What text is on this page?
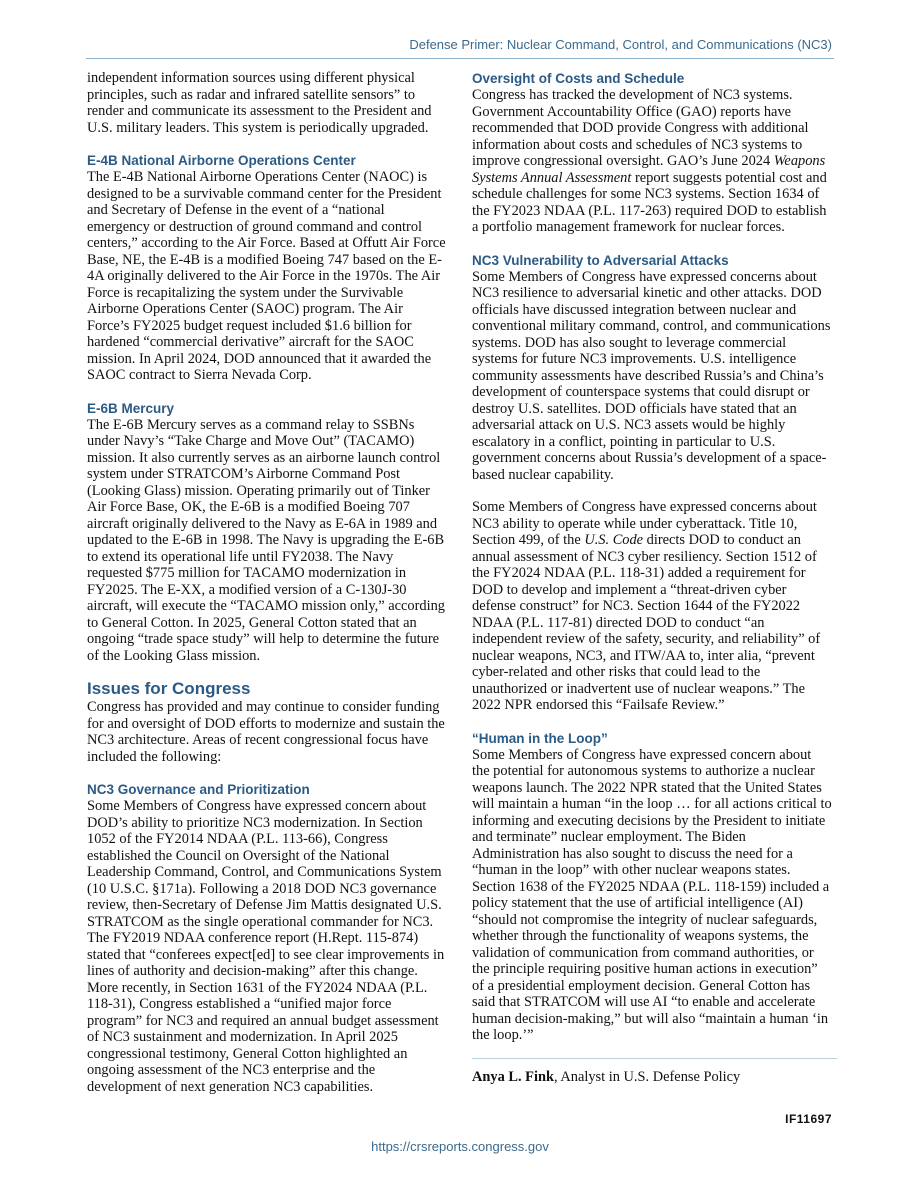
Defense Primer: Nuclear Command, Control, and Communications (NC3)

independent information sources using different physical principles, such as radar and infrared satellite sensors” to render and communicate its assessment to the President and U.S. military leaders. This system is periodically upgraded.

E-4B National Airborne Operations Center

The E-4B National Airborne Operations Center (NAOC) is designed to be a survivable command center for the President and Secretary of Defense in the event of a “national emergency or destruction of ground command and control centers,” according to the Air Force. Based at Offutt Air Force Base, NE, the E-4B is a modified Boeing 747 based on the E-4A originally delivered to the Air Force in the 1970s. The Air Force is recapitalizing the system under the Survivable Airborne Operations Center (SAOC) program. The Air Force’s FY2025 budget request included $1.6 billion for hardened “commercial derivative” aircraft for the SAOC mission. In April 2024, DOD announced that it awarded the SAOC contract to Sierra Nevada Corp.

E-6B Mercury

The E-6B Mercury serves as a command relay to SSBNs under Navy’s “Take Charge and Move Out” (TACAMO) mission. It also currently serves as an airborne launch control system under STRATCOM’s Airborne Command Post (Looking Glass) mission. Operating primarily out of Tinker Air Force Base, OK, the E-6B is a modified Boeing 707 aircraft originally delivered to the Navy as E-6A in 1989 and updated to the E-6B in 1998. The Navy is upgrading the E-6B to extend its operational life until FY2038. The Navy requested $775 million for TACAMO modernization in FY2025. The E-XX, a modified version of a C-130J-30 aircraft, will execute the “TACAMO mission only,” according to General Cotton. In 2025, General Cotton stated that an ongoing “trade space study” will help to determine the future of the Looking Glass mission.

Issues for Congress

Congress has provided and may continue to consider funding for and oversight of DOD efforts to modernize and sustain the NC3 architecture. Areas of recent congressional focus have included the following:

NC3 Governance and Prioritization

Some Members of Congress have expressed concern about DOD’s ability to prioritize NC3 modernization. In Section 1052 of the FY2014 NDAA (P.L. 113-66), Congress established the Council on Oversight of the National Leadership Command, Control, and Communications System (10 U.S.C. §171a). Following a 2018 DOD NC3 governance review, then-Secretary of Defense Jim Mattis designated U.S. STRATCOM as the single operational commander for NC3. The FY2019 NDAA conference report (H.Rept. 115-874) stated that “conferees expect[ed] to see clear improvements in lines of authority and decision-making” after this change. More recently, in Section 1631 of the FY2024 NDAA (P.L. 118-31), Congress established a “unified major force program” for NC3 and required an annual budget assessment of NC3 sustainment and modernization. In April 2025 congressional testimony, General Cotton highlighted an ongoing assessment of the NC3 enterprise and the development of next generation NC3 capabilities.

Oversight of Costs and Schedule

Congress has tracked the development of NC3 systems. Government Accountability Office (GAO) reports have recommended that DOD provide Congress with additional information about costs and schedules of NC3 systems to improve congressional oversight. GAO’s June 2024 Weapons Systems Annual Assessment report suggests potential cost and schedule challenges for some NC3 systems. Section 1634 of the FY2023 NDAA (P.L. 117-263) required DOD to establish a portfolio management framework for nuclear forces.

NC3 Vulnerability to Adversarial Attacks

Some Members of Congress have expressed concerns about NC3 resilience to adversarial kinetic and other attacks. DOD officials have discussed integration between nuclear and conventional military command, control, and communications systems. DOD has also sought to leverage commercial systems for future NC3 improvements. U.S. intelligence community assessments have described Russia’s and China’s development of counterspace systems that could disrupt or destroy U.S. satellites. DOD officials have stated that an adversarial attack on U.S. NC3 assets would be highly escalatory in a conflict, pointing in particular to U.S. government concerns about Russia’s development of a space-based nuclear capability.

Some Members of Congress have expressed concerns about NC3 ability to operate while under cyberattack. Title 10, Section 499, of the U.S. Code directs DOD to conduct an annual assessment of NC3 cyber resiliency. Section 1512 of the FY2024 NDAA (P.L. 118-31) added a requirement for DOD to develop and implement a “threat-driven cyber defense construct” for NC3. Section 1644 of the FY2022 NDAA (P.L. 117-81) directed DOD to conduct “an independent review of the safety, security, and reliability” of nuclear weapons, NC3, and ITW/AA to, inter alia, “prevent cyber-related and other risks that could lead to the unauthorized or inadvertent use of nuclear weapons.” The 2022 NPR endorsed this “Failsafe Review.”

“Human in the Loop”

Some Members of Congress have expressed concern about the potential for autonomous systems to authorize a nuclear weapons launch. The 2022 NPR stated that the United States will maintain a human “in the loop … for all actions critical to informing and executing decisions by the President to initiate and terminate” nuclear employment. The Biden Administration has also sought to discuss the need for a “human in the loop” with other nuclear weapons states. Section 1638 of the FY2025 NDAA (P.L. 118-159) included a policy statement that the use of artificial intelligence (AI) “should not compromise the integrity of nuclear safeguards, whether through the functionality of weapons systems, the validation of communication from command authorities, or the principle requiring positive human actions in execution” of a presidential employment decision. General Cotton has said that STRATCOM will use AI “to enable and accelerate human decision-making,” but will also “maintain a human ‘in the loop.’”

Anya L. Fink, Analyst in U.S. Defense Policy

IF11697
https://crsreports.congress.gov
